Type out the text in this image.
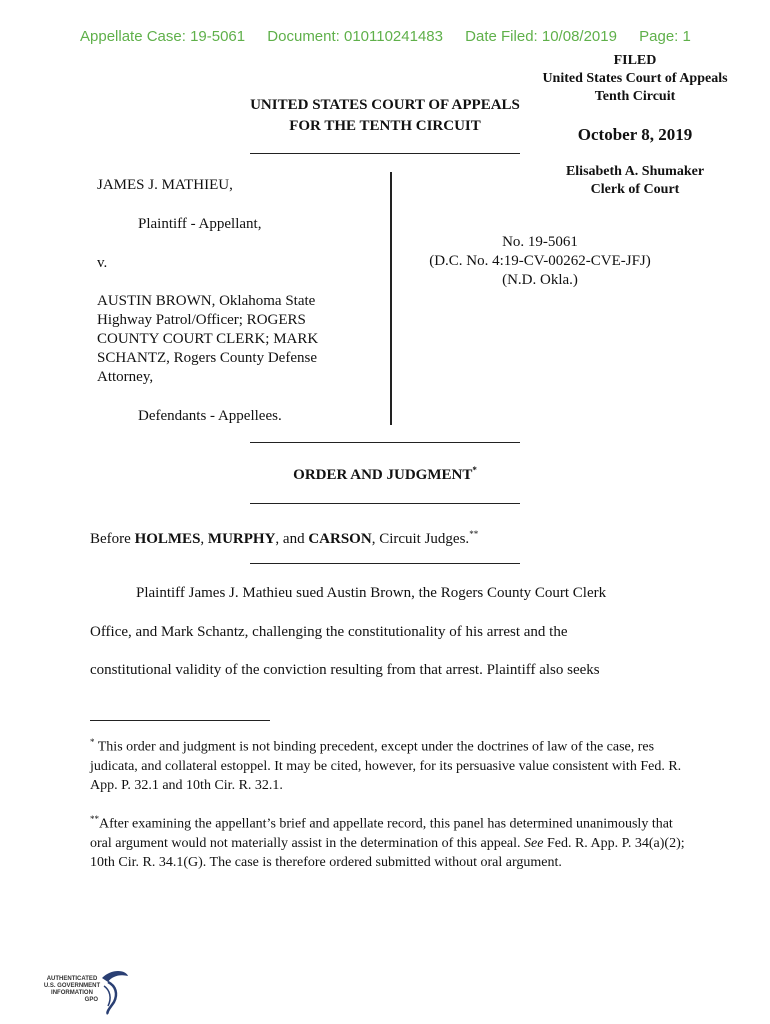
Appellate Case: 19-5061 Document: 010110241483 Date Filed: 10/08/2019 Page: 1
FILED
United States Court of Appeals
Tenth Circuit
October 8, 2019
Elisabeth A. Shumaker
Clerk of Court
UNITED STATES COURT OF APPEALS
FOR THE TENTH CIRCUIT
JAMES J. MATHIEU,
Plaintiff - Appellant,
v.
AUSTIN BROWN, Oklahoma State
Highway Patrol/Officer; ROGERS
COUNTY COURT CLERK; MARK
SCHANTZ, Rogers County Defense
Attorney,
Defendants - Appellees.
No. 19-5061
(D.C. No. 4:19-CV-00262-CVE-JFJ)
(N.D. Okla.)
ORDER AND JUDGMENT*
Before HOLMES, MURPHY, and CARSON, Circuit Judges.**
Plaintiff James J. Mathieu sued Austin Brown, the Rogers County Court Clerk
Office, and Mark Schantz, challenging the constitutionality of his arrest and the
constitutional validity of the conviction resulting from that arrest. Plaintiff also seeks
* This order and judgment is not binding precedent, except under the doctrines of law of the case, res judicata, and collateral estoppel. It may be cited, however, for its persuasive value consistent with Fed. R. App. P. 32.1 and 10th Cir. R. 32.1.
**After examining the appellant’s brief and appellate record, this panel has determined unanimously that oral argument would not materially assist in the determination of this appeal. See Fed. R. App. P. 34(a)(2); 10th Cir. R. 34.1(G). The case is therefore ordered submitted without oral argument.
AUTHENTICATED
U.S. GOVERNMENT
INFORMATION
GPO
